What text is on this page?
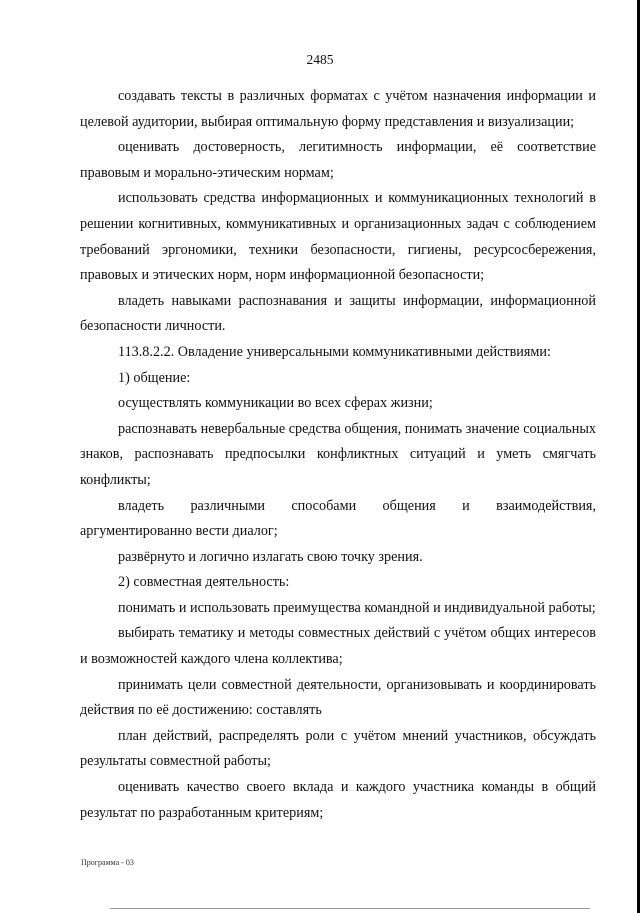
2485

создавать тексты в различных форматах с учётом назначения информации и целевой аудитории, выбирая оптимальную форму представления и визуализации;

оценивать достоверность, легитимность информации, её соответствие правовым и морально-этическим нормам;

использовать средства информационных и коммуникационных технологий в решении когнитивных, коммуникативных и организационных задач с соблюдением требований эргономики, техники безопасности, гигиены, ресурсосбережения, правовых и этических норм, норм информационной безопасности;

владеть навыками распознавания и защиты информации, информационной безопасности личности.

113.8.2.2. Овладение универсальными коммуникативными действиями:

1) общение:

осуществлять коммуникации во всех сферах жизни;

распознавать невербальные средства общения, понимать значение социальных знаков, распознавать предпосылки конфликтных ситуаций и уметь смягчать конфликты;

владеть различными способами общения и взаимодействия, аргументированно вести диалог;

развёрнуто и логично излагать свою точку зрения.

2) совместная деятельность:

понимать и использовать преимущества командной и индивидуальной работы;

выбирать тематику и методы совместных действий с учётом общих интересов и возможностей каждого члена коллектива;

принимать цели совместной деятельности, организовывать и координировать действия по её достижению: составлять

план действий, распределять роли с учётом мнений участников, обсуждать результаты совместной работы;

оценивать качество своего вклада и каждого участника команды в общий результат по разработанным критериям;

Программа - 03
